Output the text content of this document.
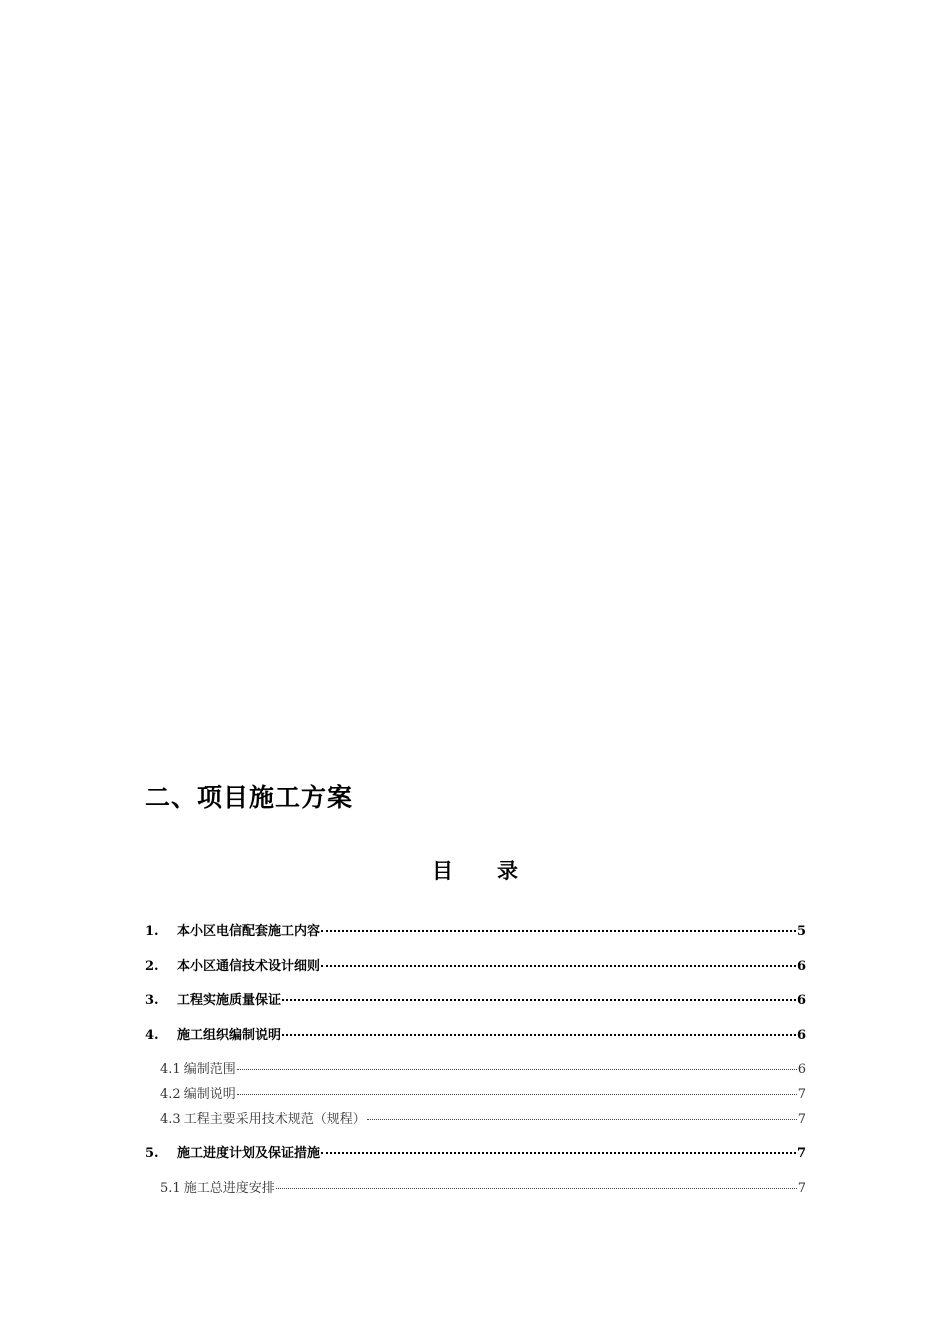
二、项目施工方案
目 录
1.	本小区电信配套施工内容	5
2.	本小区通信技术设计细则	6
3.	工程实施质量保证	6
4.	施工组织编制说明	6
4.1 编制范围	6
4.2 编制说明	7
4.3 工程主要采用技术规范（规程）	7
5.	施工进度计划及保证措施	7
5.1 施工总进度安排	7
